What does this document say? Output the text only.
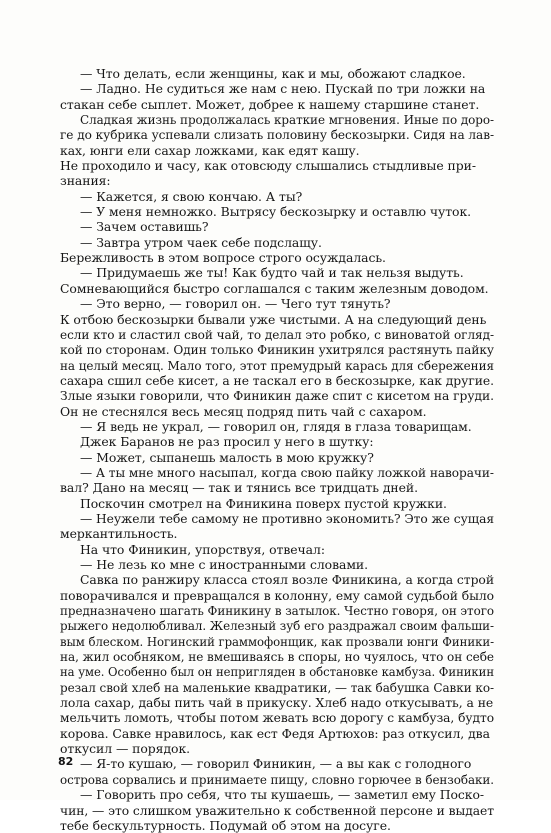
— Что делать, если женщины, как и мы, обожают сладкое.
— Ладно. Не судиться же нам с нею. Пускай по три ложки на
стакан себе сыплет. Может, добрее к нашему старшине станет.
Сладкая жизнь продолжалась краткие мгновения. Иные по доро-
ге до кубрика успевали слизать половину бескозырки. Сидя на лав-
ках, юнги ели сахар ложками, как едят кашу.
Не проходило и часу, как отовсюду слышались стыдливые при-
знания:
— Кажется, я свою кончаю. А ты?
— У меня немножко. Вытрясу бескозырку и оставлю чуток.
— Зачем оставишь?
— Завтра утром чаек себе подслащу.
Бережливость в этом вопросе строго осуждалась.
— Придумаешь же ты! Как будто чай и так нельзя выдуть.
Сомневающийся быстро соглашался с таким железным доводом.
— Это верно, — говорил он. — Чего тут тянуть?
К отбою бескозырки бывали уже чистыми. А на следующий день
если кто и сластил свой чай, то делал это робко, с виноватой огляд-
кой по сторонам. Один только Финикин ухитрялся растянуть пайку
на целый месяц. Мало того, этот премудрый карась для сбережения
сахара сшил себе кисет, а не таскал его в бескозырке, как другие.
Злые языки говорили, что Финикин даже спит с кисетом на груди.
Он не стеснялся весь месяц подряд пить чай с сахаром.
— Я ведь не украл, — говорил он, глядя в глаза товарищам.
Джек Баранов не раз просил у него в шутку:
— Может, сыпанешь малость в мою кружку?
— А ты мне много насыпал, когда свою пайку ложкой наворачи-
вал? Дано на месяц — так и тянись все тридцать дней.
Поскочин смотрел на Финикина поверх пустой кружки.
— Неужели тебе самому не противно экономить? Это же сущая
меркантильность.
На что Финикин, упорствуя, отвечал:
— Не лезь ко мне с иностранными словами.
Савка по ранжиру класса стоял возле Финикина, а когда строй
поворачивался и превращался в колонну, ему самой судьбой было
предназначено шагать Финикину в затылок. Честно говоря, он этого
рыжего недолюбливал. Железный зуб его раздражал своим фальши-
вым блеском. Ногинский граммофонщик, как прозвали юнги Финики-
на, жил особняком, не вмешиваясь в споры, но чуялось, что он себе
на уме. Особенно был он непригляден в обстановке камбуза. Финикин
резал свой хлеб на маленькие квадратики, — так бабушка Савки ко-
лола сахар, дабы пить чай в прикуску. Хлеб надо откусывать, а не
мельчить ломоть, чтобы потом жевать всю дорогу с камбуза, будто
корова. Савке нравилось, как ест Федя Артюхов: раз откусил, два
откусил — порядок.
— Я-то кушаю, — говорил Финикин, — а вы как с голодного
острова сорвались и принимаете пищу, словно горючее в бензобаки.
— Говорить про себя, что ты кушаешь, — заметил ему Поско-
чин, — это слишком уважительно к собственной персоне и выдает
тебе бескультурность. Подумай об этом на досуге.
82
